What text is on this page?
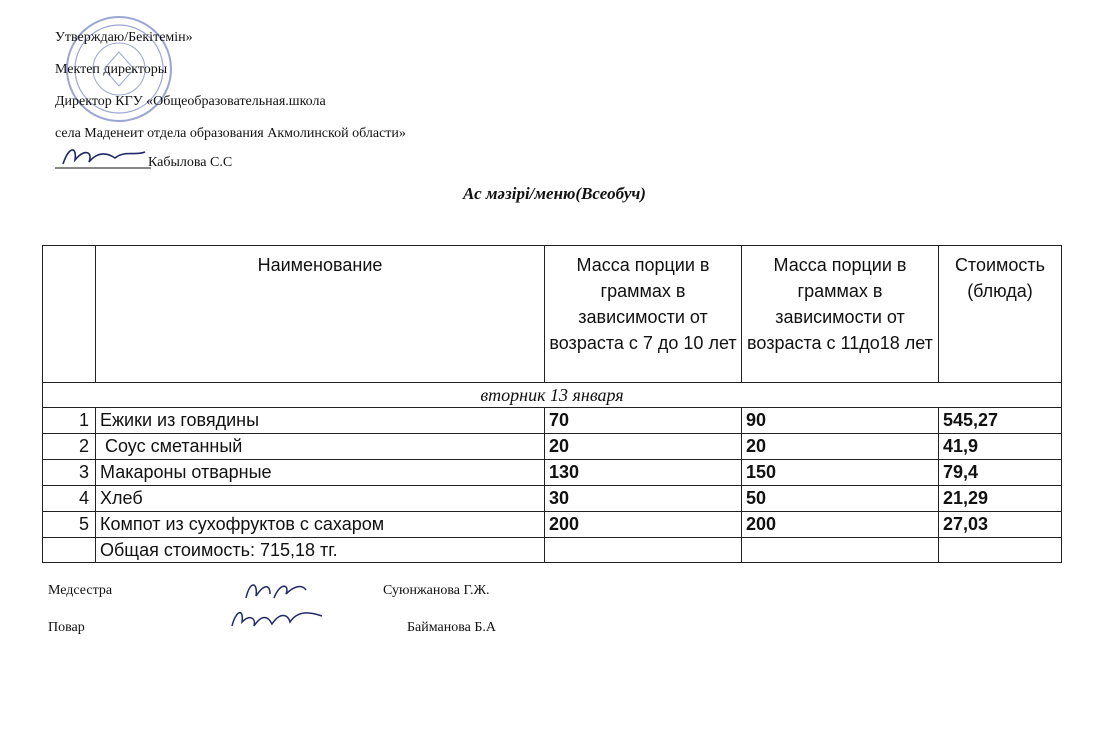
Утверждаю/Бекітемін»
Мектеп директоры
Директор КГУ «Общеобразовательная.школа
села Маденеит отдела образования Акмолинской области»
Кабылова С.С
Ас мәзірі/меню(Всеобуч)
	Наименование	Масса порции в граммах в зависимости от возраста с 7 до 10 лет	Масса порции в граммах в зависимости от возраста с 11до18 лет	Стоимость (блюда)
вторник 13 января				
1	Ежики из говядины	70	90	545,27
2	Соус сметанный	20	20	41,9
3	Макароны отварные	130	150	79,4
4	Хлеб	30	50	21,29
5	Компот из сухофруктов с сахаром	200	200	27,03
	Общая стоимость: 715,18 тг.			
Медсестра	Суюнжанова Г.Ж.
Повар	Байманова Б.А
